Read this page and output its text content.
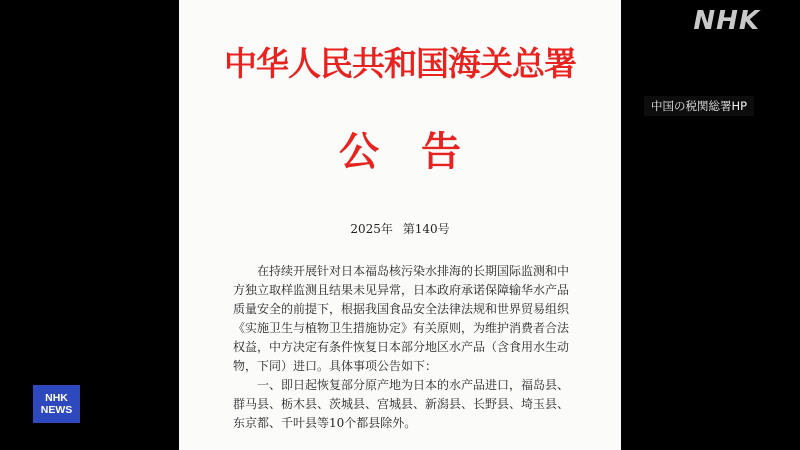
中华人民共和国海关总署
公告
2025年 第140号

在持续开展针对日本福岛核污染水排海的长期国际监测和中方独立取样监测且结果未见异常，日本政府承诺保障输华水产品质量安全的前提下，根据我国食品安全法律法规和世界贸易组织《实施卫生与植物卫生措施协定》有关原则，为维护消费者合法权益，中方决定有条件恢复日本部分地区水产品（含食用水生动物，下同）进口。具体事项公告如下：

一、即日起恢复部分原产地为日本的水产品进口，福岛县、群马县、栃木县、茨城县、宫城县、新潟县、长野县、埼玉县、东京都、千叶县等10个都县除外。

NHK
中国の税関総署HP
NHK
NEWS
